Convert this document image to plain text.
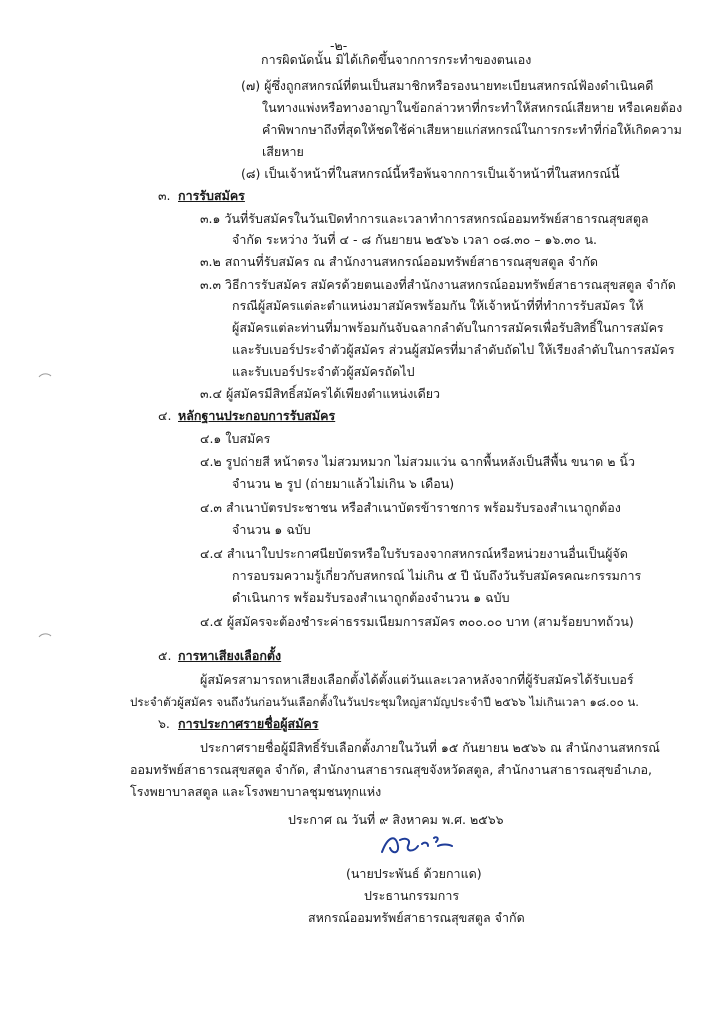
-๒-
การผิดนัดนั้น มิได้เกิดขึ้นจากการกระทำของตนเอง
(๗) ผู้ซึ่งถูกสหกรณ์ที่ตนเป็นสมาชิกหรือรองนายทะเบียนสหกรณ์ฟ้องดำเนินคดี
ในทางแพ่งหรือทางอาญาในข้อกล่าวหาที่กระทำให้สหกรณ์เสียหาย หรือเคยต้อง
คำพิพากษาถึงที่สุดให้ชดใช้ค่าเสียหายแก่สหกรณ์ในการกระทำที่ก่อให้เกิดความ
เสียหาย
(๘) เป็นเจ้าหน้าที่ในสหกรณ์นี้หรือพ้นจากการเป็นเจ้าหน้าที่ในสหกรณ์นี้
๓. การรับสมัคร
๓.๑ วันที่รับสมัครในวันเปิดทำการและเวลาทำการสหกรณ์ออมทรัพย์สาธารณสุขสตูล
จำกัด ระหว่าง วันที่ ๔ - ๘ กันยายน ๒๕๖๖ เวลา ๐๘.๓๐ – ๑๖.๓๐ น.
๓.๒ สถานที่รับสมัคร ณ สำนักงานสหกรณ์ออมทรัพย์สาธารณสุขสตูล จำกัด
๓.๓ วิธีการรับสมัคร สมัครด้วยตนเองที่สำนักงานสหกรณ์ออมทรัพย์สาธารณสุขสตูล จำกัด
กรณีผู้สมัครแต่ละตำแหน่งมาสมัครพร้อมกัน ให้เจ้าหน้าที่ที่ทำการรับสมัคร ให้
ผู้สมัครแต่ละท่านที่มาพร้อมกันจับฉลากลำดับในการสมัครเพื่อรับสิทธิ์ในการสมัคร
และรับเบอร์ประจำตัวผู้สมัคร ส่วนผู้สมัครที่มาลำดับถัดไป ให้เรียงลำดับในการสมัคร
และรับเบอร์ประจำตัวผู้สมัครถัดไป
๓.๔ ผู้สมัครมีสิทธิ์สมัครได้เพียงตำแหน่งเดียว
๔. หลักฐานประกอบการรับสมัคร
๔.๑ ใบสมัคร
๔.๒ รูปถ่ายสี หน้าตรง ไม่สวมหมวก ไม่สวมแว่น ฉากพื้นหลังเป็นสีพื้น ขนาด ๒ นิ้ว
จำนวน ๒ รูป (ถ่ายมาแล้วไม่เกิน ๖ เดือน)
๔.๓ สำเนาบัตรประชาชน หรือสำเนาบัตรข้าราชการ พร้อมรับรองสำเนาถูกต้อง
จำนวน ๑ ฉบับ
๔.๔ สำเนาใบประกาศนียบัตรหรือใบรับรองจากสหกรณ์หรือหน่วยงานอื่นเป็นผู้จัด
การอบรมความรู้เกี่ยวกับสหกรณ์ ไม่เกิน ๕ ปี นับถึงวันรับสมัครคณะกรรมการ
ดำเนินการ พร้อมรับรองสำเนาถูกต้องจำนวน ๑ ฉบับ
๔.๕ ผู้สมัครจะต้องชำระค่าธรรมเนียมการสมัคร ๓๐๐.๐๐ บาท (สามร้อยบาทถ้วน)
๕. การหาเสียงเลือกตั้ง
ผู้สมัครสามารถหาเสียงเลือกตั้งได้ตั้งแต่วันและเวลาหลังจากที่ผู้รับสมัครได้รับเบอร์
ประจำตัวผู้สมัคร จนถึงวันก่อนวันเลือกตั้งในวันประชุมใหญ่สามัญประจำปี ๒๕๖๖ ไม่เกินเวลา ๑๘.๐๐ น.
๖. การประกาศรายชื่อผู้สมัคร
ประกาศรายชื่อผู้มีสิทธิ์รับเลือกตั้งภายในวันที่ ๑๕ กันยายน ๒๕๖๖ ณ สำนักงานสหกรณ์
ออมทรัพย์สาธารณสุขสตูล จำกัด, สำนักงานสาธารณสุขจังหวัดสตูล, สำนักงานสาธารณสุขอำเภอ,
โรงพยาบาลสตูล และโรงพยาบาลชุมชนทุกแห่ง
ประกาศ ณ วันที่ ๙ สิงหาคม พ.ศ. ๒๕๖๖
(นายประพันธ์ ด้วยกาแด)
ประธานกรรมการ
สหกรณ์ออมทรัพย์สาธารณสุขสตูล จำกัด
